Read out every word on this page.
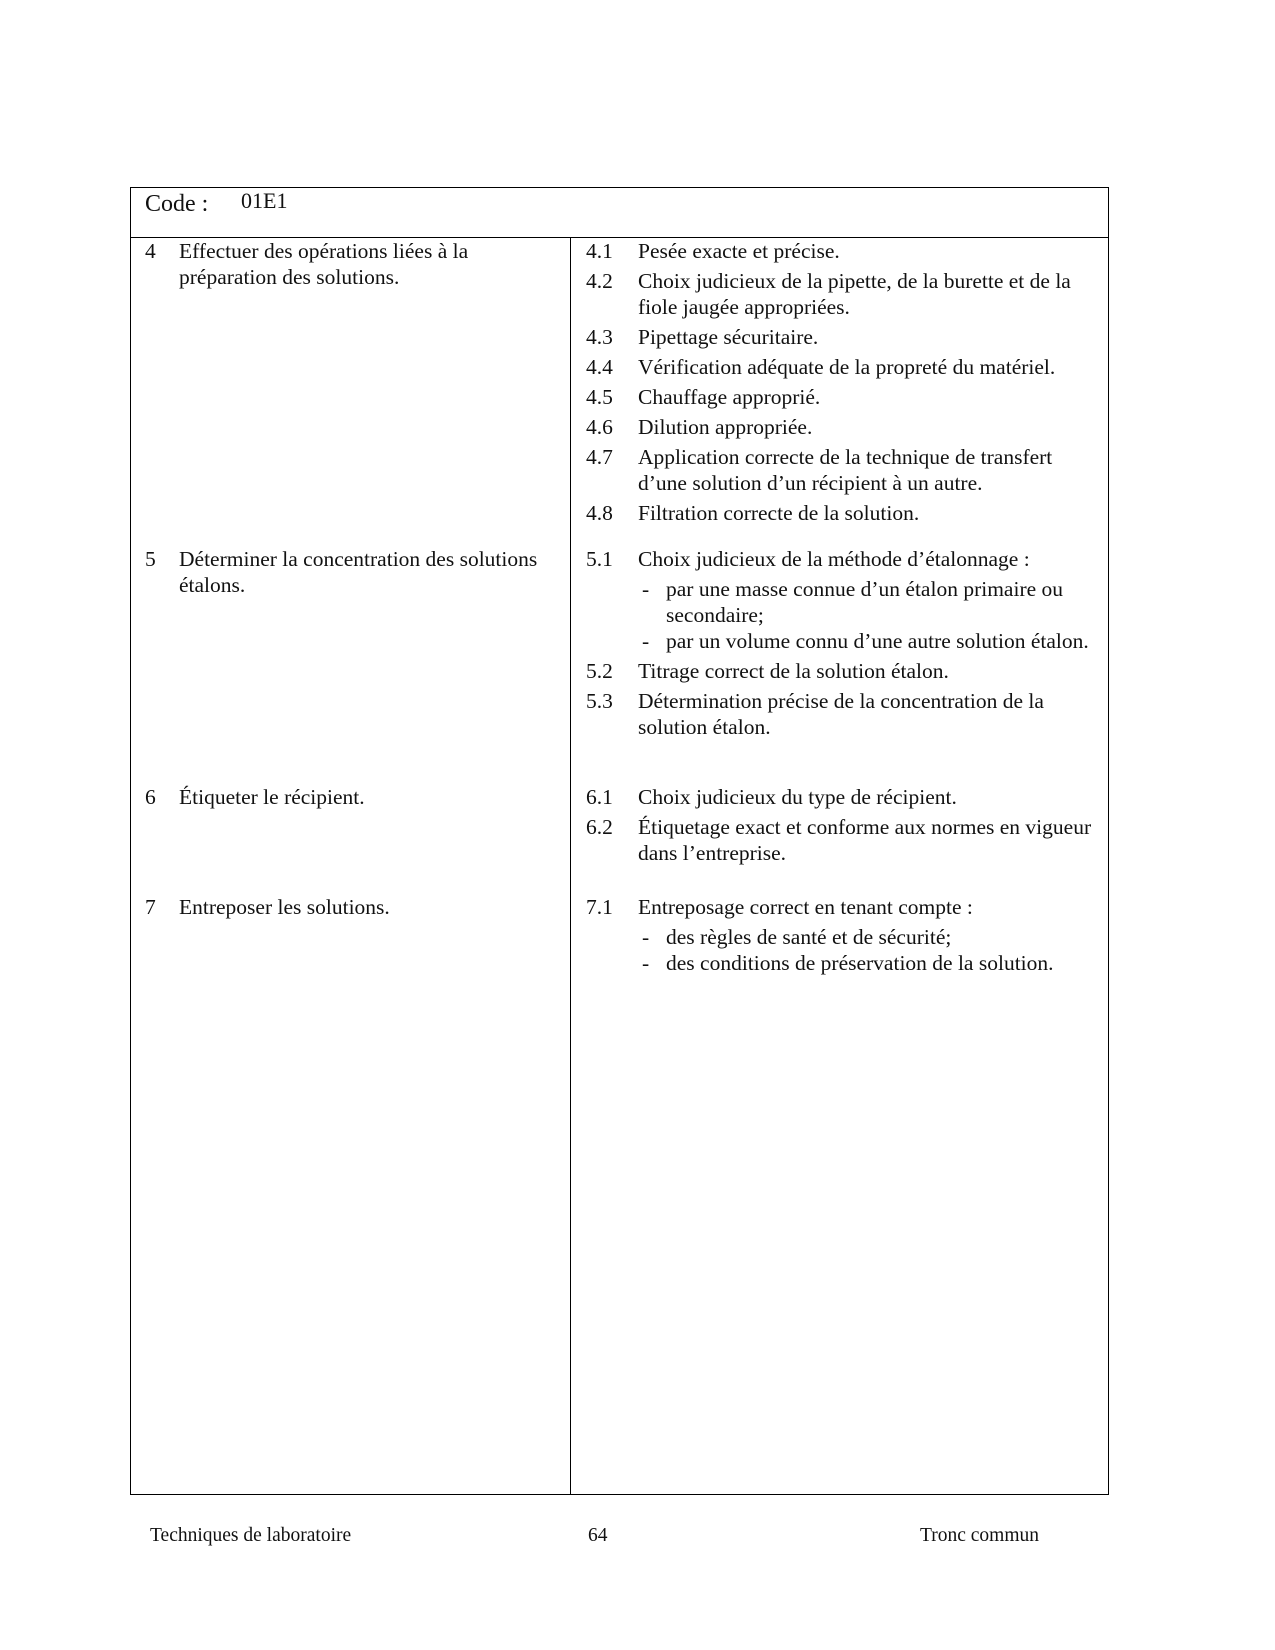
Code : 01E1
4 Effectuer des opérations liées à la préparation des solutions.
5 Déterminer la concentration des solutions étalons.
6 Étiqueter le récipient.
7 Entreposer les solutions.
4.1 Pesée exacte et précise.
4.2 Choix judicieux de la pipette, de la burette et de la fiole jaugée appropriées.
4.3 Pipettage sécuritaire.
4.4 Vérification adéquate de la propreté du matériel.
4.5 Chauffage approprié.
4.6 Dilution appropriée.
4.7 Application correcte de la technique de transfert d’une solution d’un récipient à un autre.
4.8 Filtration correcte de la solution.
5.1 Choix judicieux de la méthode d’étalonnage :
- par une masse connue d’un étalon primaire ou secondaire;
- par un volume connu d’une autre solution étalon.
5.2 Titrage correct de la solution étalon.
5.3 Détermination précise de la concentration de la solution étalon.
6.1 Choix judicieux du type de récipient.
6.2 Étiquetage exact et conforme aux normes en vigueur dans l’entreprise.
7.1 Entreposage correct en tenant compte :
- des règles de santé et de sécurité;
- des conditions de préservation de la solution.
Techniques de laboratoire	64	Tronc commun
